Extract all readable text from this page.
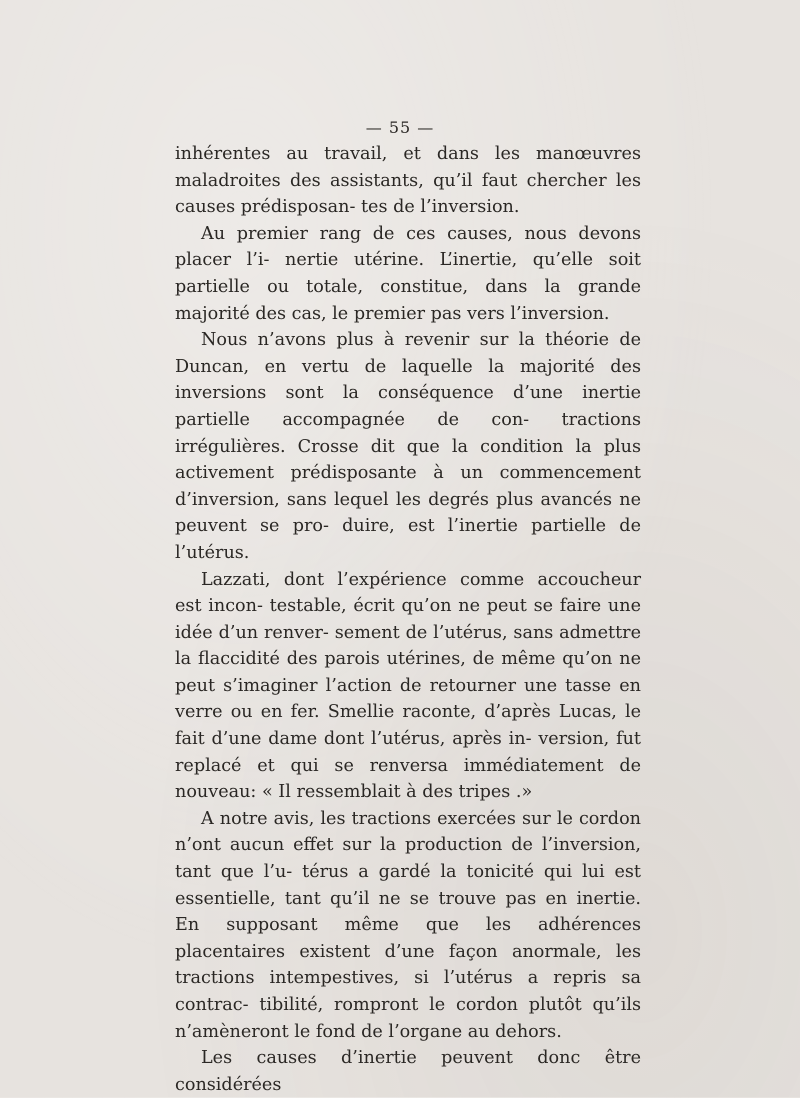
— 55 —

inhérentes au travail, et dans les manœuvres maladroites des assistants, qu’il faut chercher les causes prédisposan- tes de l’inversion.

Au premier rang de ces causes, nous devons placer l’i- nertie utérine. L’inertie, qu’elle soit partielle ou totale, constitue, dans la grande majorité des cas, le premier pas vers l’inversion.

Nous n’avons plus à revenir sur la théorie de Duncan, en vertu de laquelle la majorité des inversions sont la conséquence d’une inertie partielle accompagnée de con- tractions irrégulières. Crosse dit que la condition la plus activement prédisposante à un commencement d’inversion, sans lequel les degrés plus avancés ne peuvent se pro- duire, est l’inertie partielle de l’utérus.

Lazzati, dont l’expérience comme accoucheur est incon- testable, écrit qu’on ne peut se faire une idée d’un renver- sement de l’utérus, sans admettre la flaccidité des parois utérines, de même qu’on ne peut s’imaginer l’action de retourner une tasse en verre ou en fer. Smellie raconte, d’après Lucas, le fait d’une dame dont l’utérus, après in- version, fut replacé et qui se renversa immédiatement de nouveau: « Il ressemblait à des tripes .»

A notre avis, les tractions exercées sur le cordon n’ont aucun effet sur la production de l’inversion, tant que l’u- térus a gardé la tonicité qui lui est essentielle, tant qu’il ne se trouve pas en inertie. En supposant même que les adhérences placentaires existent d’une façon anormale, les tractions intempestives, si l’utérus a repris sa contrac- tibilité, rompront le cordon plutôt qu’ils n’amèneront le fond de l’organe au dehors.

Les causes d’inertie peuvent donc être considérées
